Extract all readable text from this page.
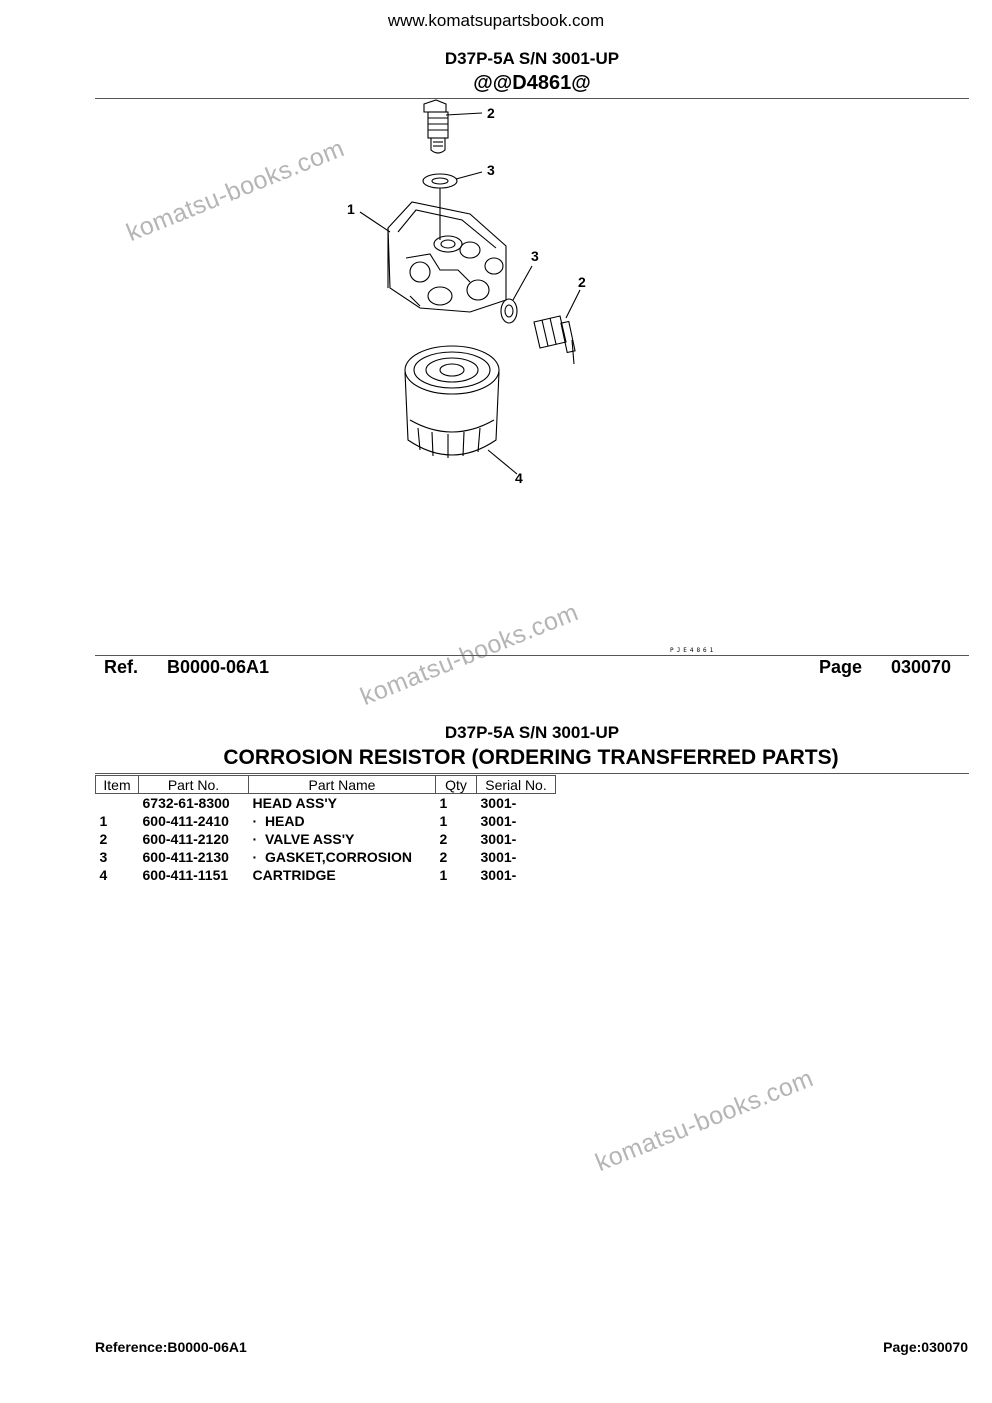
www.komatsupartsbook.com
D37P-5A S/N 3001-UP
@@D4861@
komatsu-books.com
komatsu-books.com
komatsu-books.com
2
3
1
3
2
4
PJE4861
Ref. B0000-06A1	Page 030070
D37P-5A S/N 3001-UP
CORROSION RESISTOR (ORDERING TRANSFERRED PARTS)
Item	Part No.	Part Name	Qty	Serial No.
	6732-61-8300	HEAD ASS'Y	1	3001-
1	600-411-2410	·  HEAD	1	3001-
2	600-411-2120	·  VALVE ASS'Y	2	3001-
3	600-411-2130	·  GASKET,CORROSION	2	3001-
4	600-411-1151	CARTRIDGE	1	3001-
Reference:B0000-06A1	Page:030070
